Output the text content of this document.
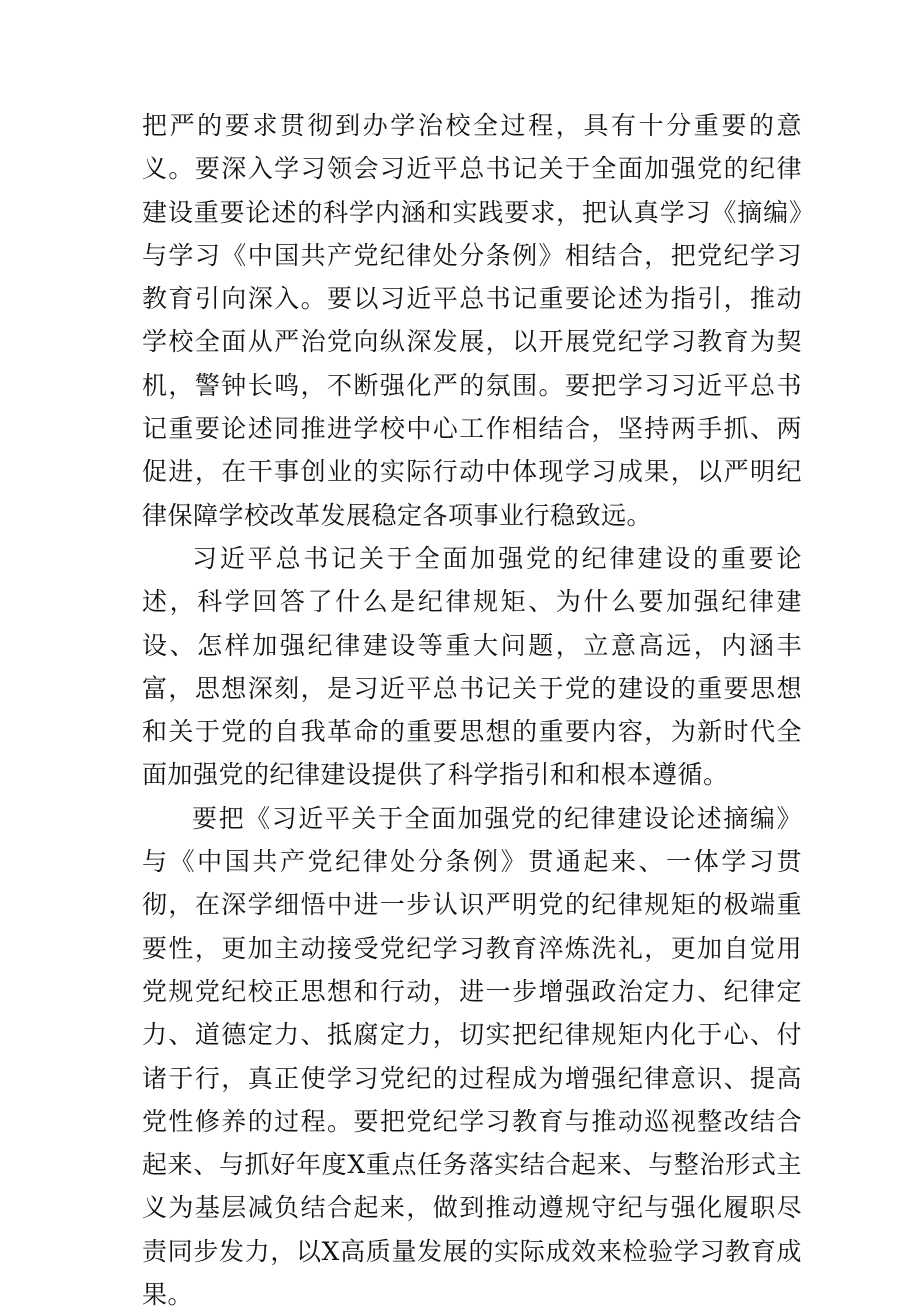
把严的要求贯彻到办学治校全过程，具有十分重要的意义。要深入学习领会习近平总书记关于全面加强党的纪律建设重要论述的科学内涵和实践要求，把认真学习《摘编》与学习《中国共产党纪律处分条例》相结合，把党纪学习教育引向深入。要以习近平总书记重要论述为指引，推动学校全面从严治党向纵深发展，以开展党纪学习教育为契机，警钟长鸣，不断强化严的氛围。要把学习习近平总书记重要论述同推进学校中心工作相结合，坚持两手抓、两促进，在干事创业的实际行动中体现学习成果，以严明纪律保障学校改革发展稳定各项事业行稳致远。

习近平总书记关于全面加强党的纪律建设的重要论述，科学回答了什么是纪律规矩、为什么要加强纪律建设、怎样加强纪律建设等重大问题，立意高远，内涵丰富，思想深刻，是习近平总书记关于党的建设的重要思想和关于党的自我革命的重要思想的重要内容，为新时代全面加强党的纪律建设提供了科学指引和和根本遵循。

要把《习近平关于全面加强党的纪律建设论述摘编》与《中国共产党纪律处分条例》贯通起来、一体学习贯彻，在深学细悟中进一步认识严明党的纪律规矩的极端重要性，更加主动接受党纪学习教育淬炼洗礼，更加自觉用党规党纪校正思想和行动，进一步增强政治定力、纪律定力、道德定力、抵腐定力，切实把纪律规矩内化于心、付诸于行，真正使学习党纪的过程成为增强纪律意识、提高党性修养的过程。要把党纪学习教育与推动巡视整改结合起来、与抓好年度X重点任务落实结合起来、与整治形式主义为基层减负结合起来，做到推动遵规守纪与强化履职尽责同步发力，以X高质量发展的实际成效来检验学习教育成果。
